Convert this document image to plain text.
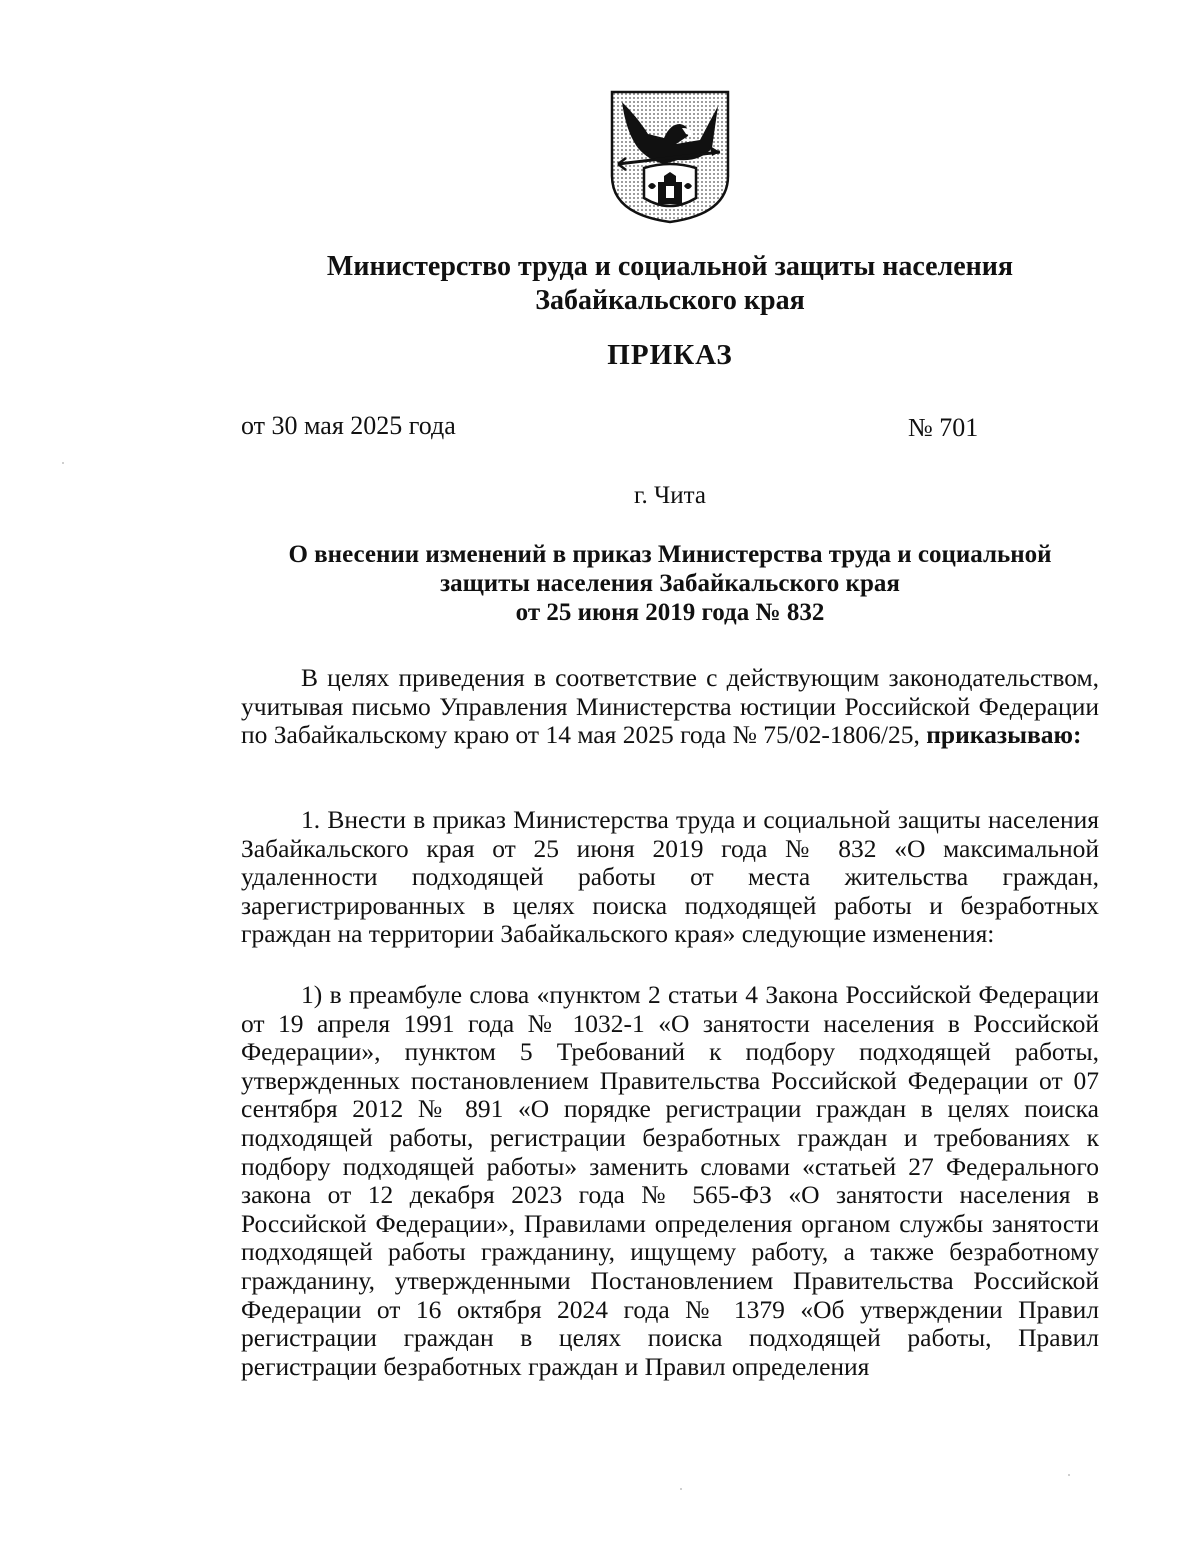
Министерство труда и социальной защиты населения
Забайкальского края
ПРИКАЗ
от 30 мая 2025 года	№ 701
г. Чита
О внесении изменений в приказ Министерства труда и социальной
защиты населения Забайкальского края
от 25 июня 2019 года № 832

В целях приведения в соответствие с действующим законодательством, учитывая письмо Управления Министерства юстиции Российской Федерации по Забайкальскому краю от 14 мая 2025 года № 75/02-1806/25, приказываю:

1. Внести в приказ Министерства труда и социальной защиты населения Забайкальского края от 25 июня 2019 года № 832 «О максимальной удаленности подходящей работы от места жительства граждан, зарегистрированных в целях поиска подходящей работы и безработных граждан на территории Забайкальского края» следующие изменения:

1) в преамбуле слова «пунктом 2 статьи 4 Закона Российской Федерации от 19 апреля 1991 года № 1032-1 «О занятости населения в Российской Федерации», пунктом 5 Требований к подбору подходящей работы, утвержденных постановлением Правительства Российской Федерации от 07 сентября 2012 № 891 «О порядке регистрации граждан в целях поиска подходящей работы, регистрации безработных граждан и требованиях к подбору подходящей работы» заменить словами «статьей 27 Федерального закона от 12 декабря 2023 года № 565-ФЗ «О занятости населения в Российской Федерации», Правилами определения органом службы занятости подходящей работы гражданину, ищущему работу, а также безработному гражданину, утвержденными Постановлением Правительства Российской Федерации от 16 октября 2024 года № 1379 «Об утверждении Правил регистрации граждан в целях поиска подходящей работы, Правил регистрации безработных граждан и Правил определения
